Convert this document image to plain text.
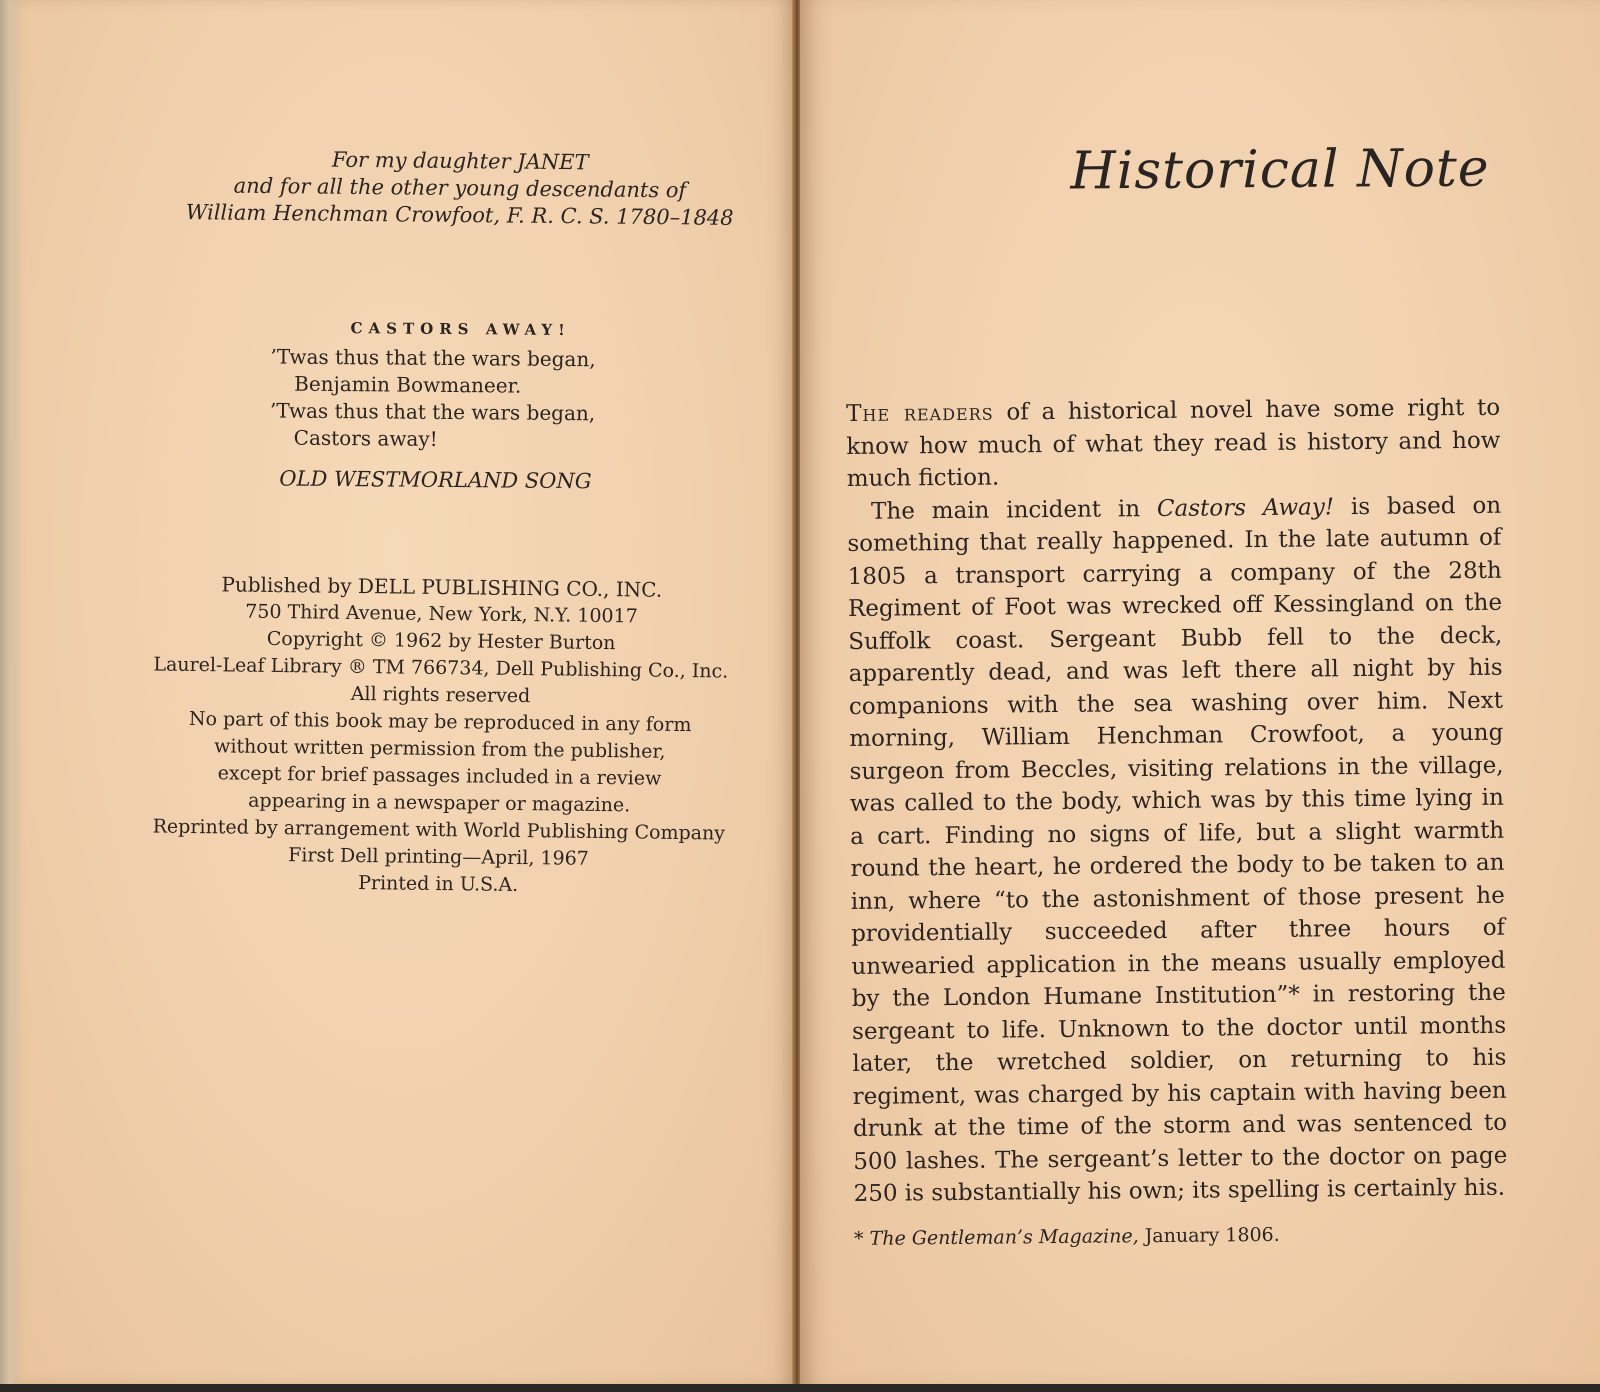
For my daughter JANET
and for all the other young descendants of
William Henchman Crowfoot, F. R. C. S. 1780–1848
CASTORS AWAY!
’Twas thus that the wars began,
Benjamin Bowmaneer.
’Twas thus that the wars began,
Castors away!
OLD WESTMORLAND SONG
Published by DELL PUBLISHING CO., INC.
750 Third Avenue, New York, N.Y. 10017
Copyright © 1962 by Hester Burton
Laurel-Leaf Library ® TM 766734, Dell Publishing Co., Inc.
All rights reserved
No part of this book may be reproduced in any form
without written permission from the publisher,
except for brief passages included in a review
appearing in a newspaper or magazine.
Reprinted by arrangement with World Publishing Company
First Dell printing—April, 1967
Printed in U.S.A.
Historical Note

The readers of a historical novel have some right to know how much of what they read is history and how much fiction.

The main incident in Castors Away! is based on something that really happened. In the late autumn of 1805 a transport carrying a company of the 28th Regiment of Foot was wrecked off Kessingland on the Suffolk coast. Sergeant Bubb fell to the deck, apparently dead, and was left there all night by his companions with the sea washing over him. Next morning, William Henchman Crowfoot, a young surgeon from Beccles, visiting relations in the village, was called to the body, which was by this time lying in a cart. Finding no signs of life, but a slight warmth round the heart, he ordered the body to be taken to an inn, where “to the astonishment of those present he providentially succeeded after three hours of unwearied application in the means usually employed by the London Humane Institution”* in restoring the sergeant to life. Unknown to the doctor until months later, the wretched soldier, on returning to his regiment, was charged by his captain with having been drunk at the time of the storm and was sentenced to 500 lashes. The sergeant’s letter to the doctor on page 250 is substantially his own; its spelling is certainly his.

* The Gentleman’s Magazine, January 1806.
